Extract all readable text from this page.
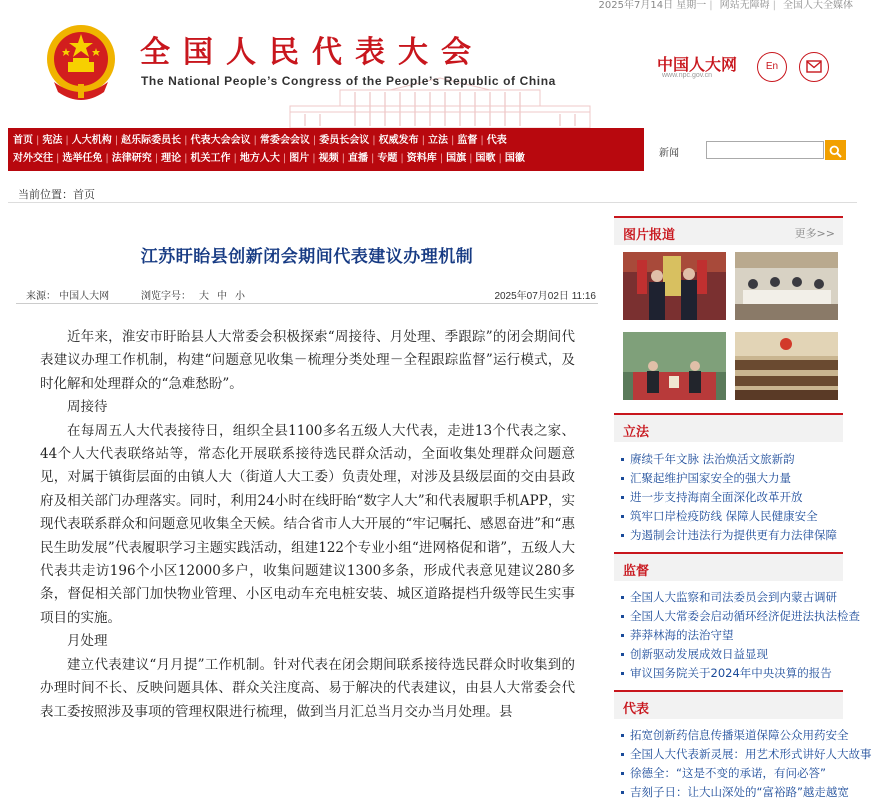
2025年7月14日 星期一 | 网站无障碍 | 全国人大全媒体
全国人民代表大会
The National People’s Congress of the People’s Republic of China
中国人大网
www.npc.gov.cn
En
首页 | 宪法 | 人大机构 | 赵乐际委员长 | 代表大会会议 | 常委会会议 | 委员长会议 | 权威发布 | 立法 | 监督 | 代表
对外交往 | 选举任免 | 法律研究 | 理论 | 机关工作 | 地方人大 | 图片 | 视频 | 直播 | 专题 | 资料库 | 国旗 | 国歌 | 国徽	新闻
当前位置：首页
江苏盱眙县创新闭会期间代表建议办理机制
来源： 中国人大网	浏览字号： 大 中 小	2025年07月02日 11:16

近年来，淮安市盱眙县人大常委会积极探索“周接待、月处理、季跟踪”的闭会期间代表建议办理工作机制，构建“问题意见收集－梳理分类处理－全程跟踪监督”运行模式，及时化解和处理群众的“急难愁盼”。

周接待

在每周五人大代表接待日，组织全县1100多名五级人大代表，走进13个代表之家、44个人大代表联络站等，常态化开展联系接待选民群众活动，全面收集处理群众问题意见，对属于镇街层面的由镇人大（街道人大工委）负责处理，对涉及县级层面的交由县政府及相关部门办理落实。同时，利用24小时在线盱眙“数字人大”和代表履职手机APP，实现代表联系群众和问题意见收集全天候。结合省市人大开展的“牢记嘱托、感恩奋进”和“惠民生助发展”代表履职学习主题实践活动，组建122个专业小组“进网格促和谐”，五级人大代表共走访196个小区12000多户，收集问题建议1300多条，形成代表意见建议280多条，督促相关部门加快物业管理、小区电动车充电桩安装、城区道路提档升级等民生实事项目的实施。

月处理

建立代表建议“月月提”工作机制。针对代表在闭会期间联系接待选民群众时收集到的办理时间不长、反映问题具体、群众关注度高、易于解决的代表建议，由县人大常委会代表工委按照涉及事项的管理权限进行梳理，做到当月汇总当月交办当月处理。县

图片报道	更多>>
立法
赓续千年文脉 法治焕活文旅新韵
汇聚起维护国家安全的强大力量
进一步支持海南全面深化改革开放
筑牢口岸检疫防线 保障人民健康安全
为遏制会计违法行为提供更有力法律保障
监督
全国人大监察和司法委员会到内蒙古调研
全国人大常委会启动循环经济促进法执法检查
莽莽林海的法治守望
创新驱动发展成效日益显现
审议国务院关于2024年中央决算的报告
代表
拓宽创新药信息传播渠道保障公众用药安全
全国人大代表新灵展：用艺术形式讲好人大故事
徐德全：“这是不变的承诺，有问必答”
吉刻子日：让大山深处的“富裕路”越走越宽
